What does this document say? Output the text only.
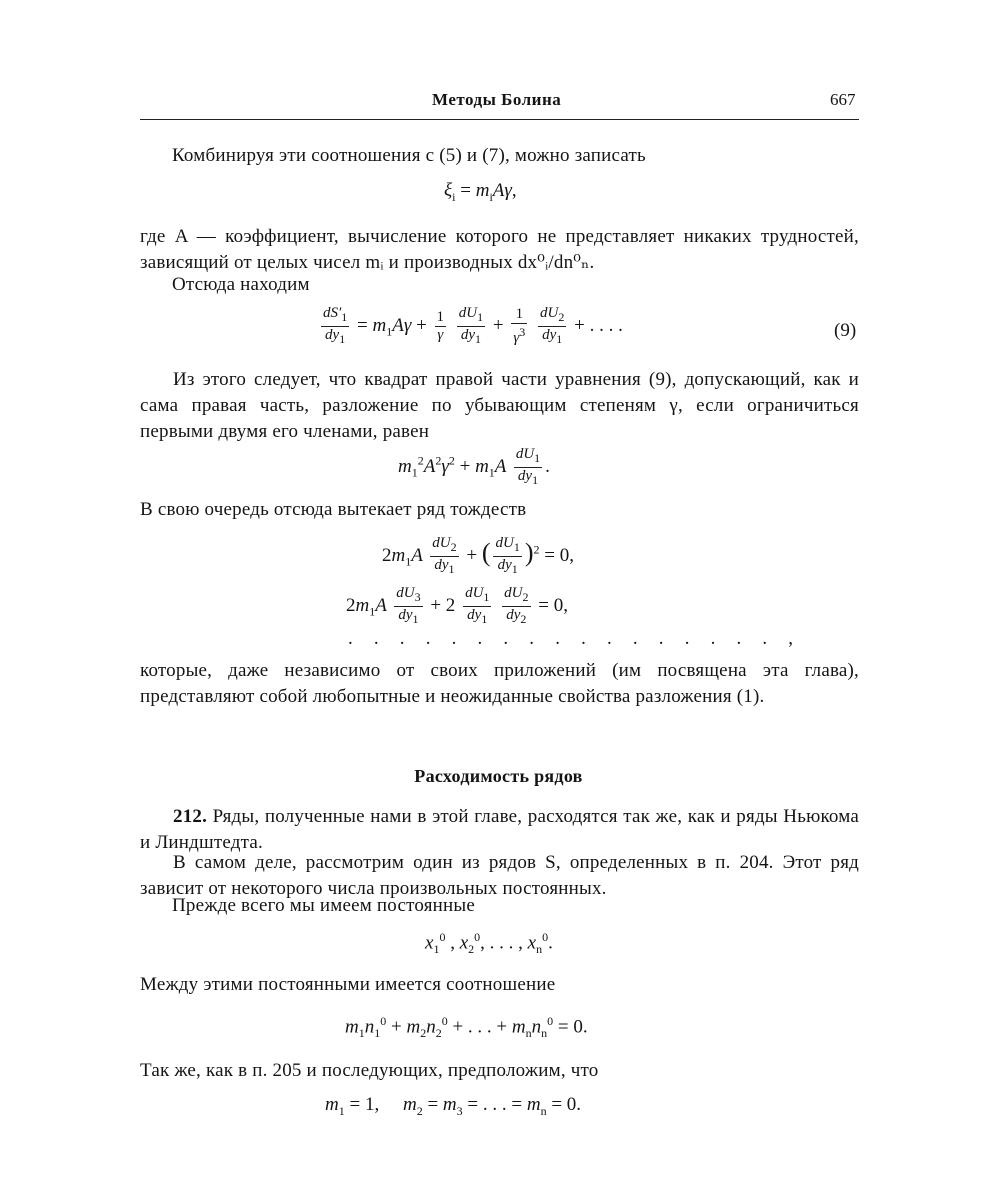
Методы Болина	667
Комбинируя эти соотношения с (5) и (7), можно записать
$\xi_i = m_iA\gamma$,

где A — коэффициент, вычисление которого не представляет никаких трудностей, зависящий от целых чисел mᵢ и производных dx⁰ᵢ/dn⁰ₙ.

Отсюда находим
$\frac{dS'_1}{dy_1} = m_1A\gamma + \frac{1}{\gamma}$
$\frac{dU_1}{dy_1} + \frac{1}{\gamma^3}$
$\frac{dU_2}{dy_1}$ + . . . .	(9)

Из этого следует, что квадрат правой части уравнения (9), допускающий, как и сама правая часть, разложение по убывающим степеням γ, если ограничиться первыми двумя его членами, равен

$m_1^2A^2\gamma^2 + m_1A \frac{dU_1}{dy_1}$ .
В свою очередь отсюда вытекает ряд тождеств
$2m_1A \frac{dU_2}{dy_1}$ + ( $\frac{dU_1}{dy_1} )^2 = 0$,
$2m_1A \frac{dU_3}{dy_1} + 2 \frac{dU_1}{dy_1}$
$\frac{dU_2}{dy_2} = 0$,
. . . . . . . . . . . . . . . . . ,

которые, даже независимо от своих приложений (им посвящена эта глава), представляют собой любопытные и неожиданные свойства разложения (1).

Расходимость рядов

212. Ряды, полученные нами в этой главе, расходятся так же, как и ряды Ньюкома и Линдштедта.

В самом деле, рассмотрим один из рядов S, определенных в п. 204. Этот ряд зависит от некоторого числа произвольных постоянных.

Прежде всего мы имеем постоянные
$x_1^0$ , $x_2^0$, . . . , $x_n^0$.
Между этими постоянными имеется соотношение
$m_1n_1^0 + m_2n_2^0$ + . . . + $m_nn_n^0 = 0$.
Так же, как в п. 205 и последующих, предположим, что
$m_1 = 1$,     $m_2 = m_3$ = . . . = $m_n = 0$.
